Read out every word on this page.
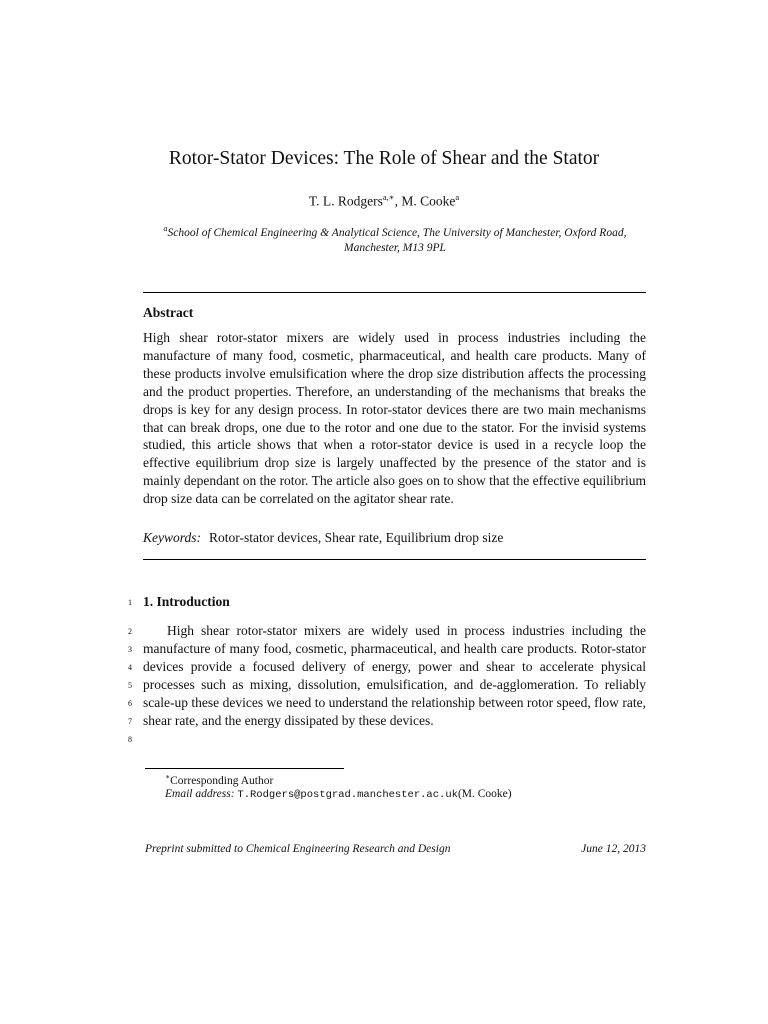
Rotor-Stator Devices: The Role of Shear and the Stator
T. L. Rodgers$^{a,∗}$, M. Cooke$^a$
$^a$School of Chemical Engineering & Analytical Science, The University of Manchester, Oxford Road, Manchester, M13 9PL
Abstract
High shear rotor-stator mixers are widely used in process industries including the manufacture of many food, cosmetic, pharmaceutical, and health care products. Many of these products involve emulsification where the drop size distribution affects the processing and the product properties. Therefore, an understanding of the mechanisms that breaks the drops is key for any design process. In rotor-stator devices there are two main mechanisms that can break drops, one due to the rotor and one due to the stator. For the invisid systems studied, this article shows that when a rotor-stator device is used in a recycle loop the effective equilibrium drop size is largely unaffected by the presence of the stator and is mainly dependant on the rotor. The article also goes on to show that the effective equilibrium drop size data can be correlated on the agitator shear rate.
Keywords: Rotor-stator devices, Shear rate, Equilibrium drop size
1
2
3
4
5
6
7
8
1. Introduction
High shear rotor-stator mixers are widely used in process industries including the manufacture of many food, cosmetic, pharmaceutical, and health care products. Rotor-stator devices provide a focused delivery of energy, power and shear to accelerate physical processes such as mixing, dissolution, emulsification, and de-agglomeration. To reliably scale-up these devices we need to understand the relationship between rotor speed, flow rate, shear rate, and the energy dissipated by these devices.
∗Corresponding Author
Email address: T.Rodgers@postgrad.manchester.ac.uk(M. Cooke)
Preprint submitted to Chemical Engineering Research and Design	June 12, 2013
